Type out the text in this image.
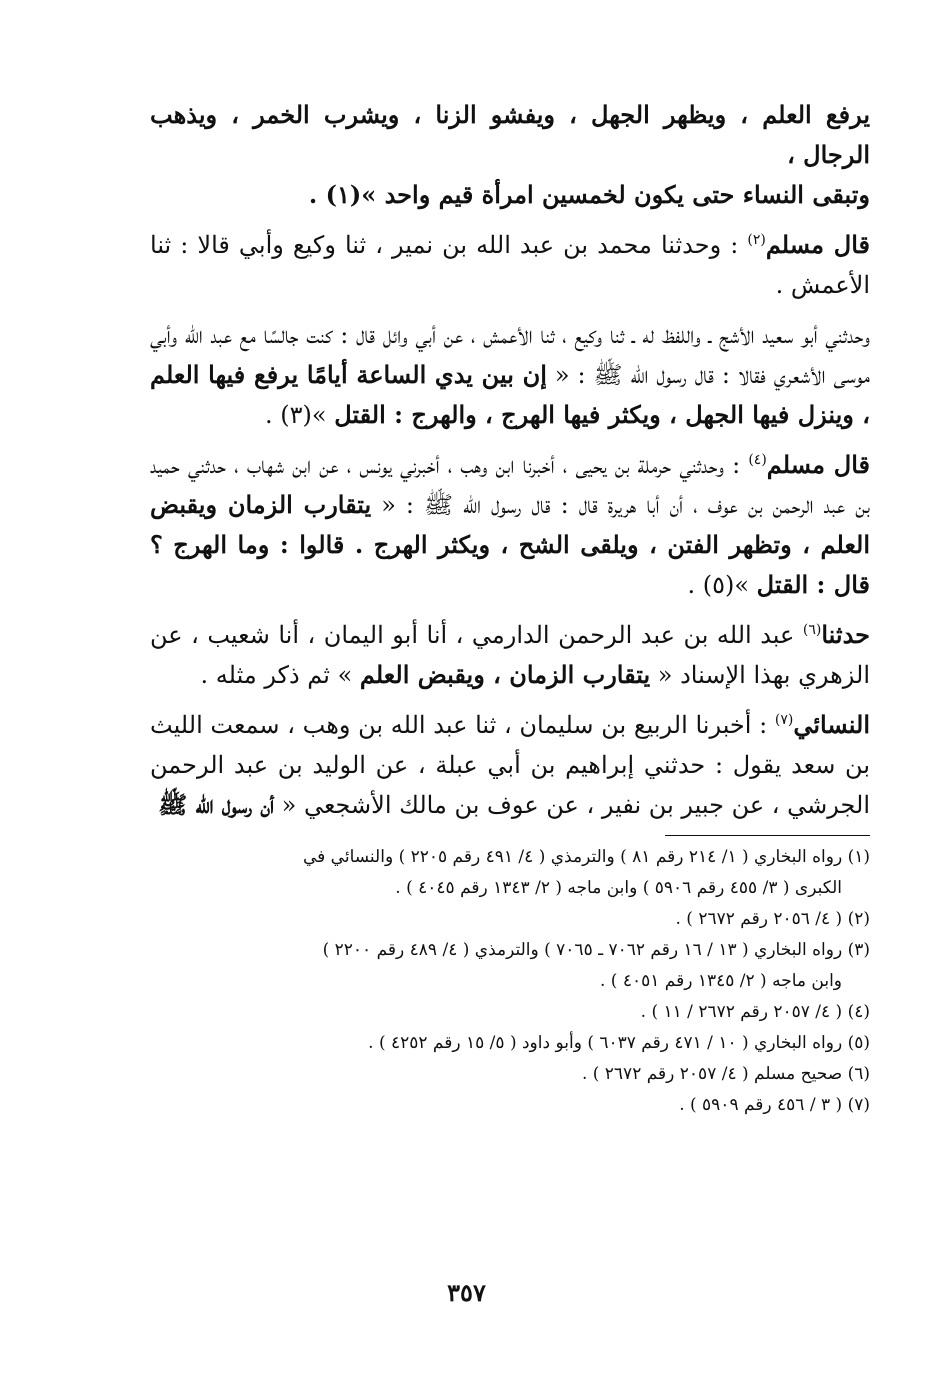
يرفع العلم ، ويظهر الجهل ، ويفشو الزنا ، ويشرب الخمر ، ويذهب الرجال ،
وتبقى النساء حتى يكون لخمسين امرأة قيم واحد »(١) .

قال مسلم$^{(٢)}$ : وحدثنا محمد بن عبد الله بن نمير ، ثنا وكيع وأبي قالا : ثنا الأعمش .

وحدثني أبو سعيد الأشج ـ واللفظ له ـ ثنا وكيع ، ثنا الأعمش ، عن أبي وائل قال : كنت جالسًا مع عبد الله وأبي موسى الأشعري فقالا : قال رسول الله ﷺ : « إن بين يدي الساعة أيامًا يرفع فيها العلم ، وينزل فيها الجهل ، ويكثر فيها الهرج ، والهرج : القتل »(٣) .

قال مسلم$^{(٤)}$ : وحدثني حرملة بن يحيى ، أخبرنا ابن وهب ، أخبرني يونس ، عن ابن شهاب ، حدثني حميد بن عبد الرحمن بن عوف ، أن أبا هريرة قال : قال رسول الله ﷺ : « يتقارب الزمان ويقبض العلم ، وتظهر الفتن ، ويلقى الشح ، ويكثر الهرج . قالوا : وما الهرج ؟ قال : القتل »(٥) .

حدثنا$^{(٦)}$ عبد الله بن عبد الرحمن الدارمي ، أنا أبو اليمان ، أنا شعيب ، عن الزهري بهذا الإسناد « يتقارب الزمان ، ويقبض العلم » ثم ذكر مثله .

النسائي$^{(٧)}$ : أخبرنا الربيع بن سليمان ، ثنا عبد الله بن وهب ، سمعت الليث بن سعد يقول : حدثني إبراهيم بن أبي عبلة ، عن الوليد بن عبد الرحمن الجرشي ، عن جبير بن نفير ، عن عوف بن مالك الأشجعي « أن رسول الله ﷺ

(١) رواه البخاري ( ١/ ٢١٤ رقم ٨١ ) والترمذي ( ٤/ ٤٩١ رقم ٢٢٠٥ ) والنسائي في

الكبرى ( ٣/ ٤٥٥ رقم ٥٩٠٦ ) وابن ماجه ( ٢/ ١٣٤٣ رقم ٤٠٤٥ ) .

(٢) ( ٤/ ٢٠٥٦ رقم ٢٦٧٢ ) .

(٣) رواه البخاري ( ١٣ / ١٦ رقم ٧٠٦٢ ـ ٧٠٦٥ ) والترمذي ( ٤/ ٤٨٩ رقم ٢٢٠٠ )

وابن ماجه ( ٢/ ١٣٤٥ رقم ٤٠٥١ ) .

(٤) ( ٤/ ٢٠٥٧ رقم ٢٦٧٢ / ١١ ) .

(٥) رواه البخاري ( ١٠ / ٤٧١ رقم ٦٠٣٧ ) وأبو داود ( ٥/ ١٥ رقم ٤٢٥٢ ) .

(٦) صحيح مسلم ( ٤/ ٢٠٥٧ رقم ٢٦٧٢ ) .

(٧) ( ٣ / ٤٥٦ رقم ٥٩٠٩ ) .

٣٥٧
